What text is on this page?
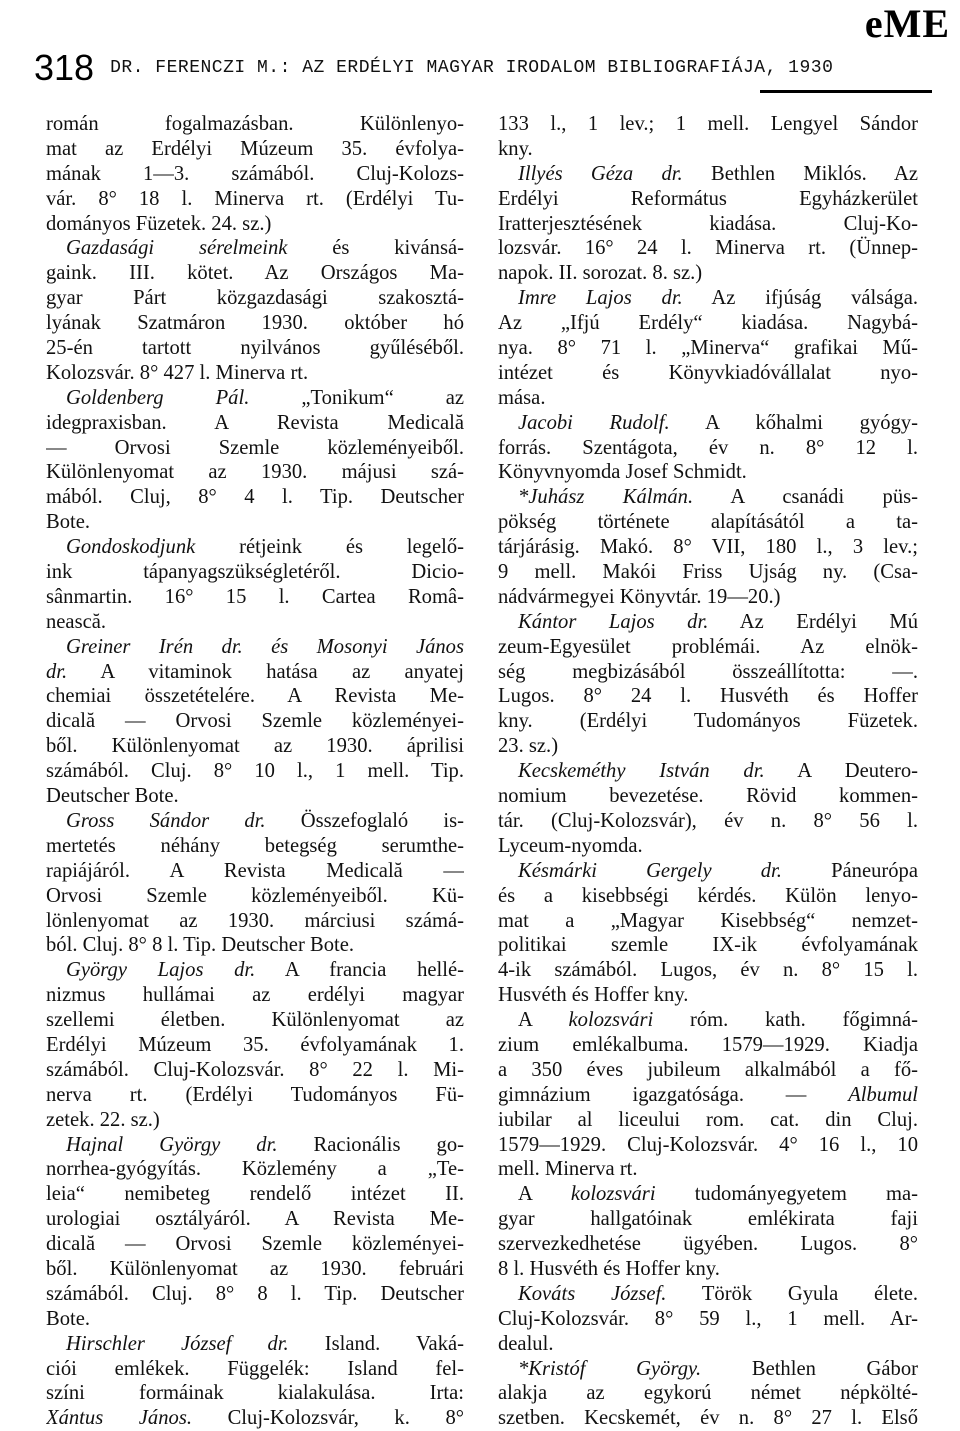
eME
318 DR. FERENCZI M.: AZ ERDÉLYI MAGYAR IRODALOM BIBLIOGRAFIÁJA, 1930
román fogalmazásban. Különlenyo-
mat az Erdélyi Múzeum 35. évfolya-
mának 1—3. számából. Cluj-Kolozs-
vár. 8° 18 l. Minerva rt. (Erdélyi Tu-
dományos Füzetek. 24. sz.)
Gazdasági sérelmeink és kivánsá-
gaink. III. kötet. Az Országos Ma-
gyar Párt közgazdasági szakosztá-
lyának Szatmáron 1930. október hó
25-én tartott nyilvános gyűléséből.
Kolozsvár. 8° 427 l. Minerva rt.
Goldenberg Pál. „Tonikum“ az
idegpraxisban. A Revista Medicală
— Orvosi Szemle közleményeiből.
Különlenyomat az 1930. májusi szá-
mából. Cluj, 8° 4 l. Tip. Deutscher
Bote.
Gondoskodjunk rétjeink és legelő-
ink tápanyagszükségletéről. Dicio-
sânmartin. 16° 15 l. Cartea Româ-
nească.
Greiner Irén dr. és Mosonyi János
dr. A vitaminok hatása az anyatej
chemiai összetételére. A Revista Me-
dicală — Orvosi Szemle közleményei-
ből. Különlenyomat az 1930. áprilisi
számából. Cluj. 8° 10 l., 1 mell. Tip.
Deutscher Bote.
Gross Sándor dr. Összefoglaló is-
mertetés néhány betegség serumthe-
rapiájáról. A Revista Medicală —
Orvosi Szemle közleményeiből. Kü-
lönlenyomat az 1930. márciusi számá-
ból. Cluj. 8° 8 l. Tip. Deutscher Bote.
György Lajos dr. A francia hellé-
nizmus hullámai az erdélyi magyar
szellemi életben. Különlenyomat az
Erdélyi Múzeum 35. évfolyamának 1.
számából. Cluj-Kolozsvár. 8° 22 l. Mi-
nerva rt. (Erdélyi Tudományos Fü-
zetek. 22. sz.)
Hajnal György dr. Racionális go-
norrhea-gyógyítás. Közlemény a „Te-
leia“ nemibeteg rendelő intézet II.
urologiai osztályáról. A Revista Me-
dicală — Orvosi Szemle közleményei-
ből. Különlenyomat az 1930. februári
számából. Cluj. 8° 8 l. Tip. Deutscher
Bote.
Hirschler József dr. Island. Vaká-
ciói emlékek. Függelék: Island fel-
színi formáinak kialakulása. Irta:
Xántus János. Cluj-Kolozsvár, k. 8°
133 l., 1 lev.; 1 mell. Lengyel Sándor
kny.
Illyés Géza dr. Bethlen Miklós. Az
Erdélyi Református Egyházkerület
Iratterjesztésének kiadása. Cluj-Ko-
lozsvár. 16° 24 l. Minerva rt. (Ünnep-
napok. II. sorozat. 8. sz.)
Imre Lajos dr. Az ifjúság válsága.
Az „Ifjú Erdély“ kiadása. Nagybá-
nya. 8° 71 l. „Minerva“ grafikai Mű-
intézet és Könyvkiadóvállalat nyo-
mása.
Jacobi Rudolf. A kőhalmi gyógy-
forrás. Szentágota, év n. 8° 12 l.
Könyvnyomda Josef Schmidt.
*Juhász Kálmán. A csanádi püs-
pökség története alapításától a ta-
tárjárásig. Makó. 8° VII, 180 l., 3 lev.;
9 mell. Makói Friss Ujság ny. (Csa-
nádvármegyei Könyvtár. 19—20.)
Kántor Lajos dr. Az Erdélyi Mú
zeum-Egyesület problémái. Az elnök-
ség megbizásából összeállította: —.
Lugos. 8° 24 l. Husvéth és Hoffer
kny. (Erdélyi Tudományos Füzetek.
23. sz.)
Kecskeméthy István dr. A Deutero-
nomium bevezetése. Rövid kommen-
tár. (Cluj-Kolozsvár), év n. 8° 56 l.
Lyceum-nyomda.
Késmárki Gergely dr. Páneurópa
és a kisebbségi kérdés. Külön lenyo-
mat a „Magyar Kisebbség“ nemzet-
politikai szemle IX-ik évfolyamának
4-ik számából. Lugos, év n. 8° 15 l.
Husvéth és Hoffer kny.
A kolozsvári róm. kath. főgimná-
zium emlékalbuma. 1579—1929. Kiadja
a 350 éves jubileum alkalmából a fő-
gimnázium igazgatósága. — Albumul
iubilar al liceului rom. cat. din Cluj.
1579—1929. Cluj-Kolozsvár. 4° 16 l., 10
mell. Minerva rt.
A kolozsvári tudományegyetem ma-
gyar hallgatóinak emlékirata faji
szervezkedhetése ügyében. Lugos. 8°
8 l. Husvéth és Hoffer kny.
Kováts József. Török Gyula élete.
Cluj-Kolozsvár. 8° 59 l., 1 mell. Ar-
dealul.
*Kristóf György. Bethlen Gábor
alakja az egykorú német népkölté-
szetben. Kecskemét, év n. 8° 27 l. Első
